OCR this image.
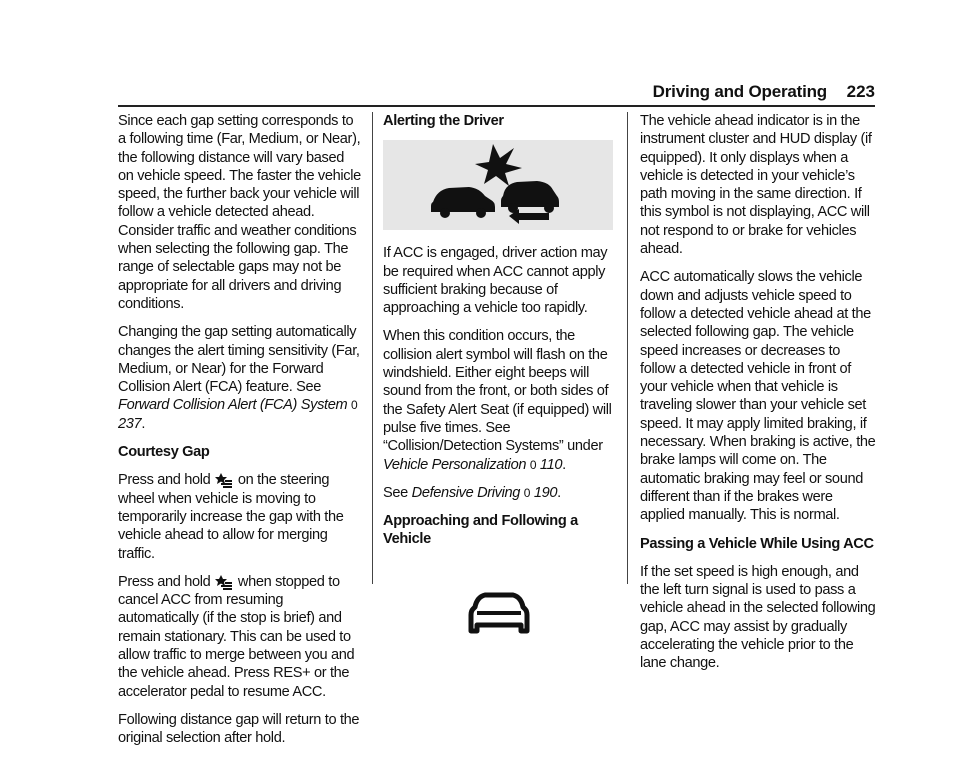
Driving and Operating 223

Since each gap setting corresponds to a following time (Far, Medium, or Near), the following distance will vary based on vehicle speed. The faster the vehicle speed, the further back your vehicle will follow a vehicle detected ahead. Consider traffic and weather conditions when selecting the following gap. The range of selectable gaps may not be appropriate for all drivers and driving conditions.

Changing the gap setting automatically changes the alert timing sensitivity (Far, Medium, or Near) for the Forward Collision Alert (FCA) feature. See Forward Collision Alert (FCA) System 0 237.

Courtesy Gap

Press and hold  on the steering wheel when vehicle is moving to temporarily increase the gap with the vehicle ahead to allow for merging traffic.

Press and hold  when stopped to cancel ACC from resuming automatically (if the stop is brief) and remain stationary. This can be used to allow traffic to merge between you and the vehicle ahead. Press RES+ or the accelerator pedal to resume ACC.

Following distance gap will return to the original selection after hold.

Alerting the Driver

If ACC is engaged, driver action may be required when ACC cannot apply sufficient braking because of approaching a vehicle too rapidly.

When this condition occurs, the collision alert symbol will flash on the windshield. Either eight beeps will sound from the front, or both sides of the Safety Alert Seat (if equipped) will pulse five times. See “Collision/Detection Systems” under Vehicle Personalization 0 110.

See Defensive Driving 0 190.

Approaching and Following a Vehicle

The vehicle ahead indicator is in the instrument cluster and HUD display (if equipped). It only displays when a vehicle is detected in your vehicle’s path moving in the same direction. If this symbol is not displaying, ACC will not respond to or brake for vehicles ahead.

ACC automatically slows the vehicle down and adjusts vehicle speed to follow a detected vehicle ahead at the selected following gap. The vehicle speed increases or decreases to follow a detected vehicle in front of your vehicle when that vehicle is traveling slower than your vehicle set speed. It may apply limited braking, if necessary. When braking is active, the brake lamps will come on. The automatic braking may feel or sound different than if the brakes were applied manually. This is normal.

Passing a Vehicle While Using ACC

If the set speed is high enough, and the left turn signal is used to pass a vehicle ahead in the selected following gap, ACC may assist by gradually accelerating the vehicle prior to the lane change.
